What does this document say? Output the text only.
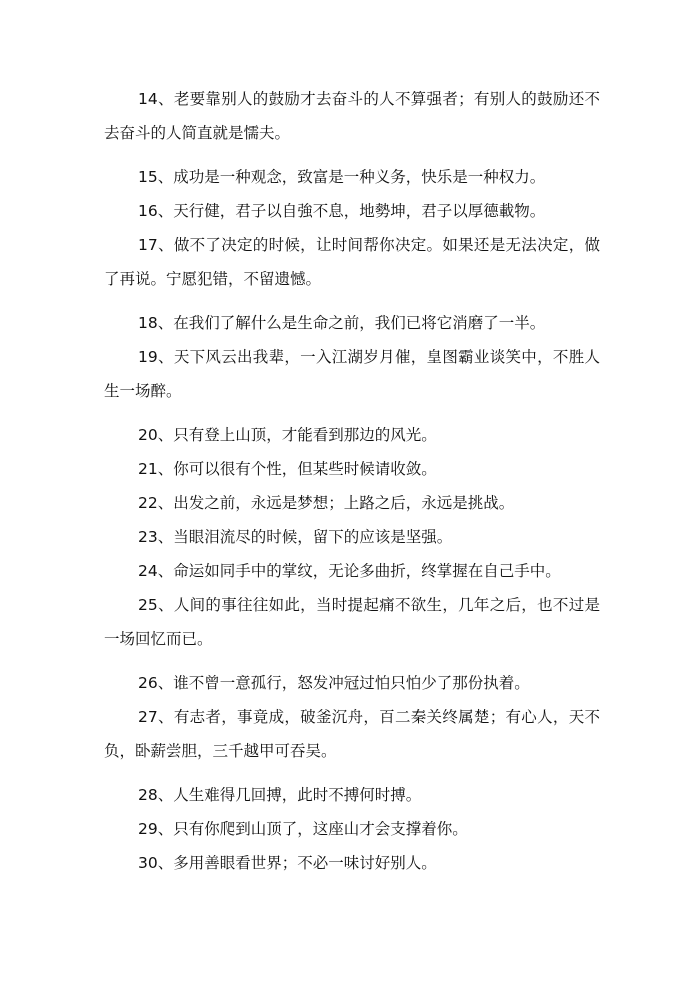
14、老要靠别人的鼓励才去奋斗的人不算强者；有别人的鼓励还不去奋斗的人简直就是懦夫。

15、成功是一种观念，致富是一种义务，快乐是一种权力。

16、天行健，君子以自強不息，地勢坤，君子以厚德載物。

17、做不了决定的时候，让时间帮你决定。如果还是无法决定，做了再说。宁愿犯错，不留遗憾。

18、在我们了解什么是生命之前，我们已将它消磨了一半。

19、天下风云出我辈，一入江湖岁月催，皇图霸业谈笑中，不胜人生一场醉。

20、只有登上山顶，才能看到那边的风光。

21、你可以很有个性，但某些时候请收敛。

22、出发之前，永远是梦想；上路之后，永远是挑战。

23、当眼泪流尽的时候，留下的应该是坚强。

24、命运如同手中的掌纹，无论多曲折，终掌握在自己手中。

25、人间的事往往如此，当时提起痛不欲生，几年之后，也不过是一场回忆而已。

26、谁不曾一意孤行，怒发冲冠过怕只怕少了那份执着。

27、有志者，事竟成，破釜沉舟，百二秦关终属楚；有心人，天不负，卧薪尝胆，三千越甲可吞吴。

28、人生难得几回搏，此时不搏何时搏。

29、只有你爬到山顶了，这座山才会支撑着你。

30、多用善眼看世界；不必一味讨好别人。
